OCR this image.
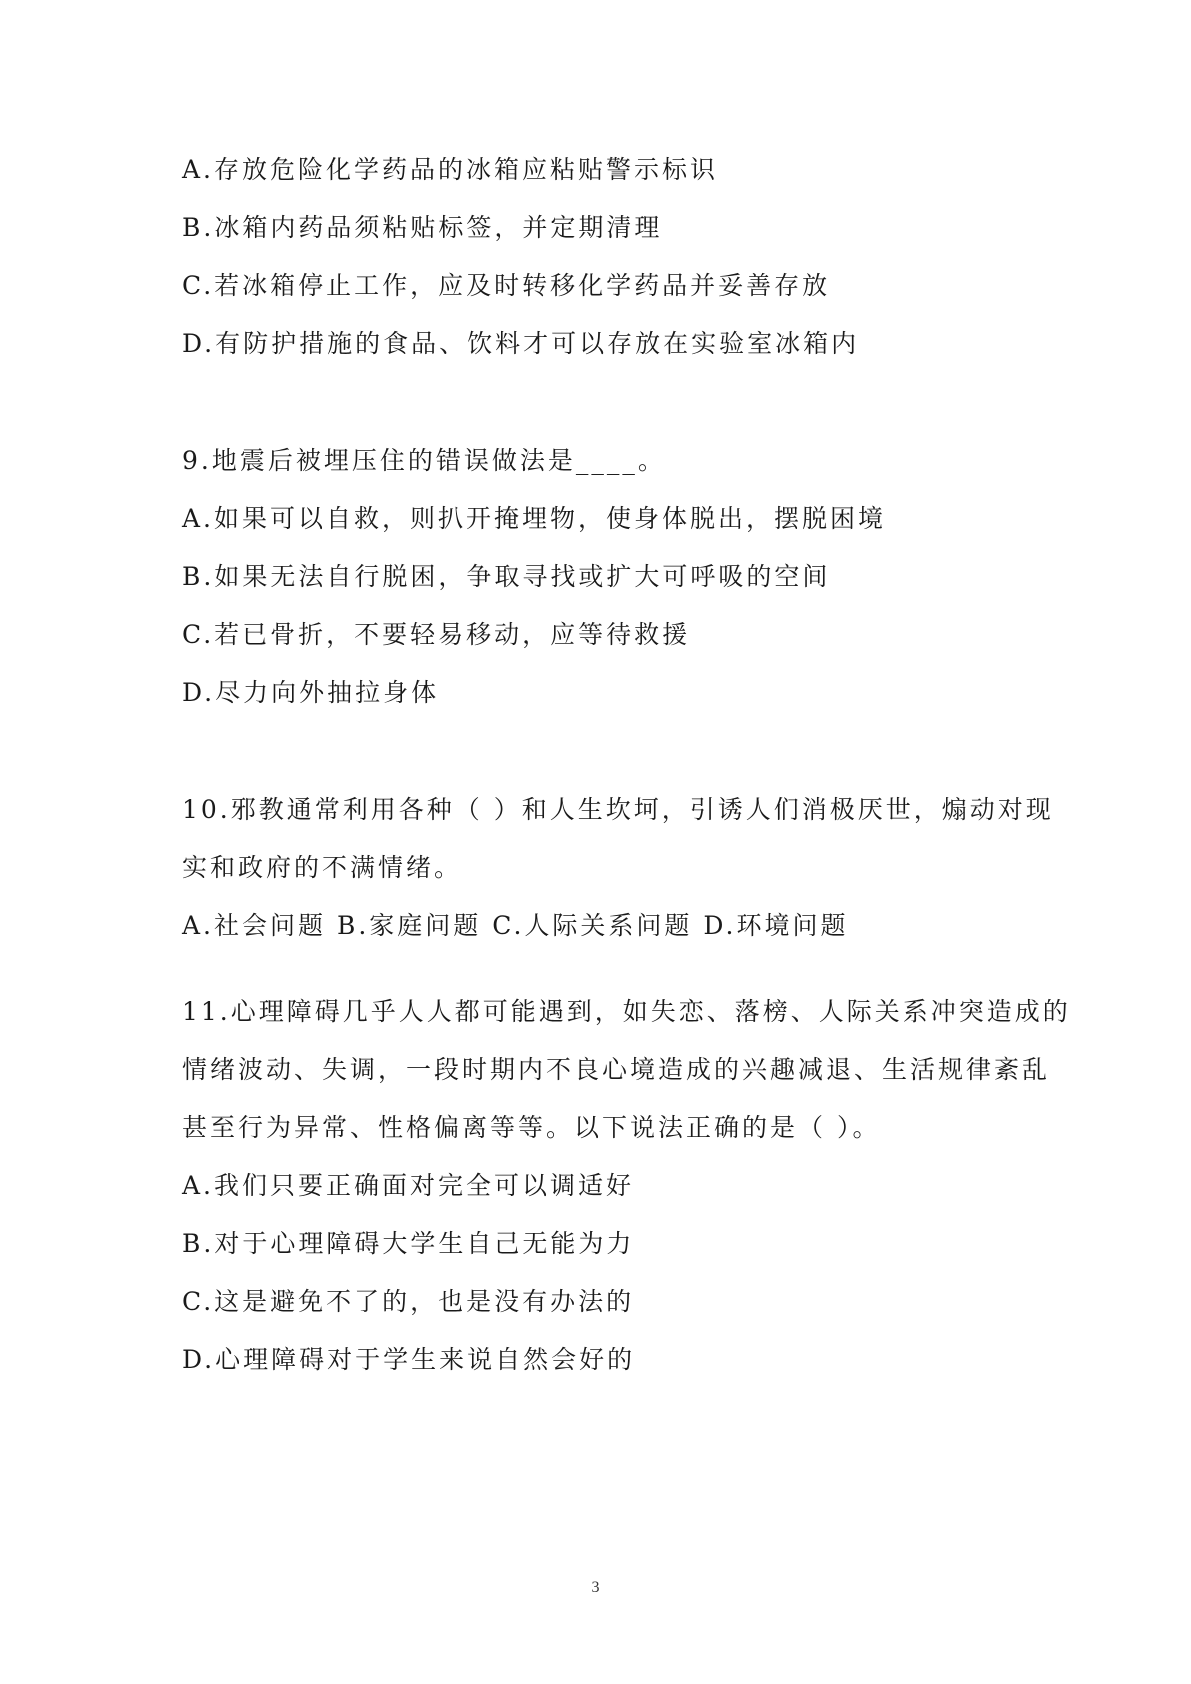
A.存放危险化学药品的冰箱应粘贴警示标识
B.冰箱内药品须粘贴标签，并定期清理
C.若冰箱停止工作，应及时转移化学药品并妥善存放
D.有防护措施的食品、饮料才可以存放在实验室冰箱内
9.地震后被埋压住的错误做法是____。
A.如果可以自救，则扒开掩埋物，使身体脱出，摆脱困境
B.如果无法自行脱困，争取寻找或扩大可呼吸的空间
C.若已骨折，不要轻易移动，应等待救援
D.尽力向外抽拉身体
10.邪教通常利用各种（ ）和人生坎坷，引诱人们消极厌世，煽动对现
实和政府的不满情绪。
A.社会问题 B.家庭问题 C.人际关系问题 D.环境问题
11.心理障碍几乎人人都可能遇到，如失恋、落榜、人际关系冲突造成的
情绪波动、失调，一段时期内不良心境造成的兴趣减退、生活规律紊乱
甚至行为异常、性格偏离等等。以下说法正确的是（ ）。
A.我们只要正确面对完全可以调适好
B.对于心理障碍大学生自己无能为力
C.这是避免不了的，也是没有办法的
D.心理障碍对于学生来说自然会好的
3
